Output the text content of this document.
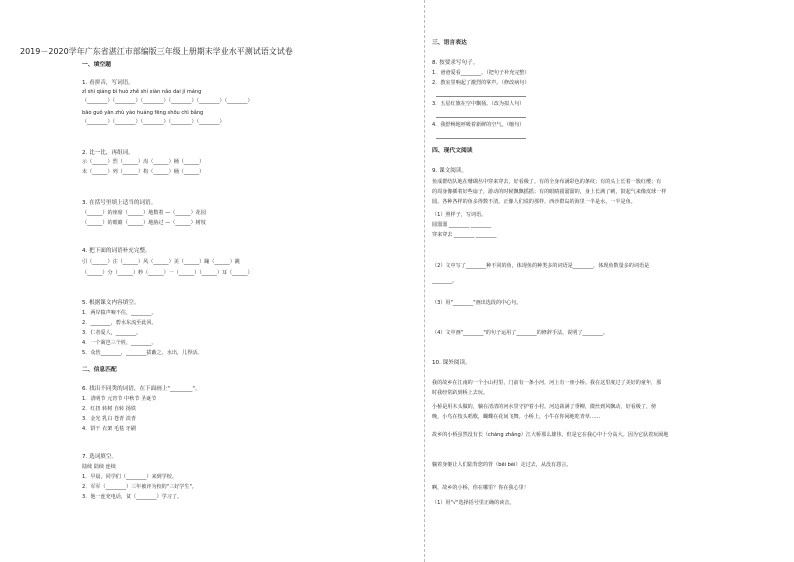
2019－2020学年广东省湛江市部编版三年级上册期末学业水平测试语文试卷
一、填空题
1. 看拼音，写词语。
zǐ shì qiáng bì huò zhě shí xiàn nǎo dai jí máng
（________）（________）（________）（________）（________）（________）
bāo guǒ yān zhù yào huáng fēng shōu chì bǎng
（________）（________）（________）（________）（________）
2. 比一比，再组词。
示（______）烈（______）沟（______）桶（______）
未（______）列（______）构（______）桶（______）
3. 在括号里填上适当的词语。
（______）的座席（______）地数着 —（______）花园
（______）的眼睛（______）地胁过 —（______）树枝
4. 把下面的词语补充完整。
引（______）注（______）风（______）美（______）蹦（______）跳
（______）分（______）秒（______）一（______）（______）耳（______）
5. 根据课文内容填空。
1．两岸猿声啼不住，________。
2．________，碧水东流至此回。
3．仁者爱人，________。
4．一个篱笆三个桩，________。
5．众皆________，________拔蔽之，水出，儿得活。
二、信息匹配
6. 找出不同类的词语，在下面画上"________"。
1．清明节 元宵节 中秋节 圣诞节
2．红扭 转树 自转 扬铁
3．金光 乳白 苍青 淡青
4．饼干 衣架 毛毯 牙刷
7. 选词填空。
陆续 陆续 连续
1．早晨，同学们（________）来到学校。
2．军军（________）三年被评为校的"三好学生"。
3．他一连充电话，贫（________）学习了。
三、语言表达
8. 按要求写句子。
1．爸爸爱看________。（把句子补充完整）
2．教室里响起了激烈的掌声。（修改病句）
3．五星红旗在空中飘扬。（改为拟人句）
4．我舒畅地呼吸着新鲜的空气。（缩句）
四、现代文阅读
9. 课文阅读。
鱼成群结队地在珊瑚丛中穿来穿去，好看极了。有的全身布满彩色的条纹；有的头上长着一簇红缨；有
的周身像插着好些扇子，游动的时候飘飘摇摇；有的眼睛圆溜溜的，身上长满了刺，鼓起气来像皮球一样
圆。各种各样的鱼多得数不清。正像人们说的那样，西沙群岛的海里一半是水，一半是鱼。
（1）照样子，写词语。
圆溜溜 ________ ________
穿来穿去 ________ ________
（2）文中写了________种不同的鱼，体现鱼的种类多的词语是________，体现鱼数量多的词语是
________。
（3）用"________"画出选段的中心句。
（4）文中画"________"的句子运用了________的修辞手法，说明了________。
10. 课外阅读。
我的故乡在江南的一个小山村里，门前有一条小河，河上有一座小桥。我在这里度过了美好的童年，那
时我经常趴到桥上去玩。
小桥是用木头做的，躺在清清的河水里守护着小村。河边栽满了垂柳，微丝到风飘动，好看极了，傍
晚，小鸟在枝头唱歌，蝴蝶在花间飞舞。小桥上，小牛在你闲地吃青草……
故乡的小桥虽然没有长（cháng zhǎng）江大桥那么雄伟，但是它在我心中十分高大。因为它驮着玩闹地
躺着身躯让人们陆背您的背（bēi bèi）走过去，从没有怨言。
啊，故乡的小桥，你在哪里？你在我心里！
（1）用"√"选择括号里正确的读音。
